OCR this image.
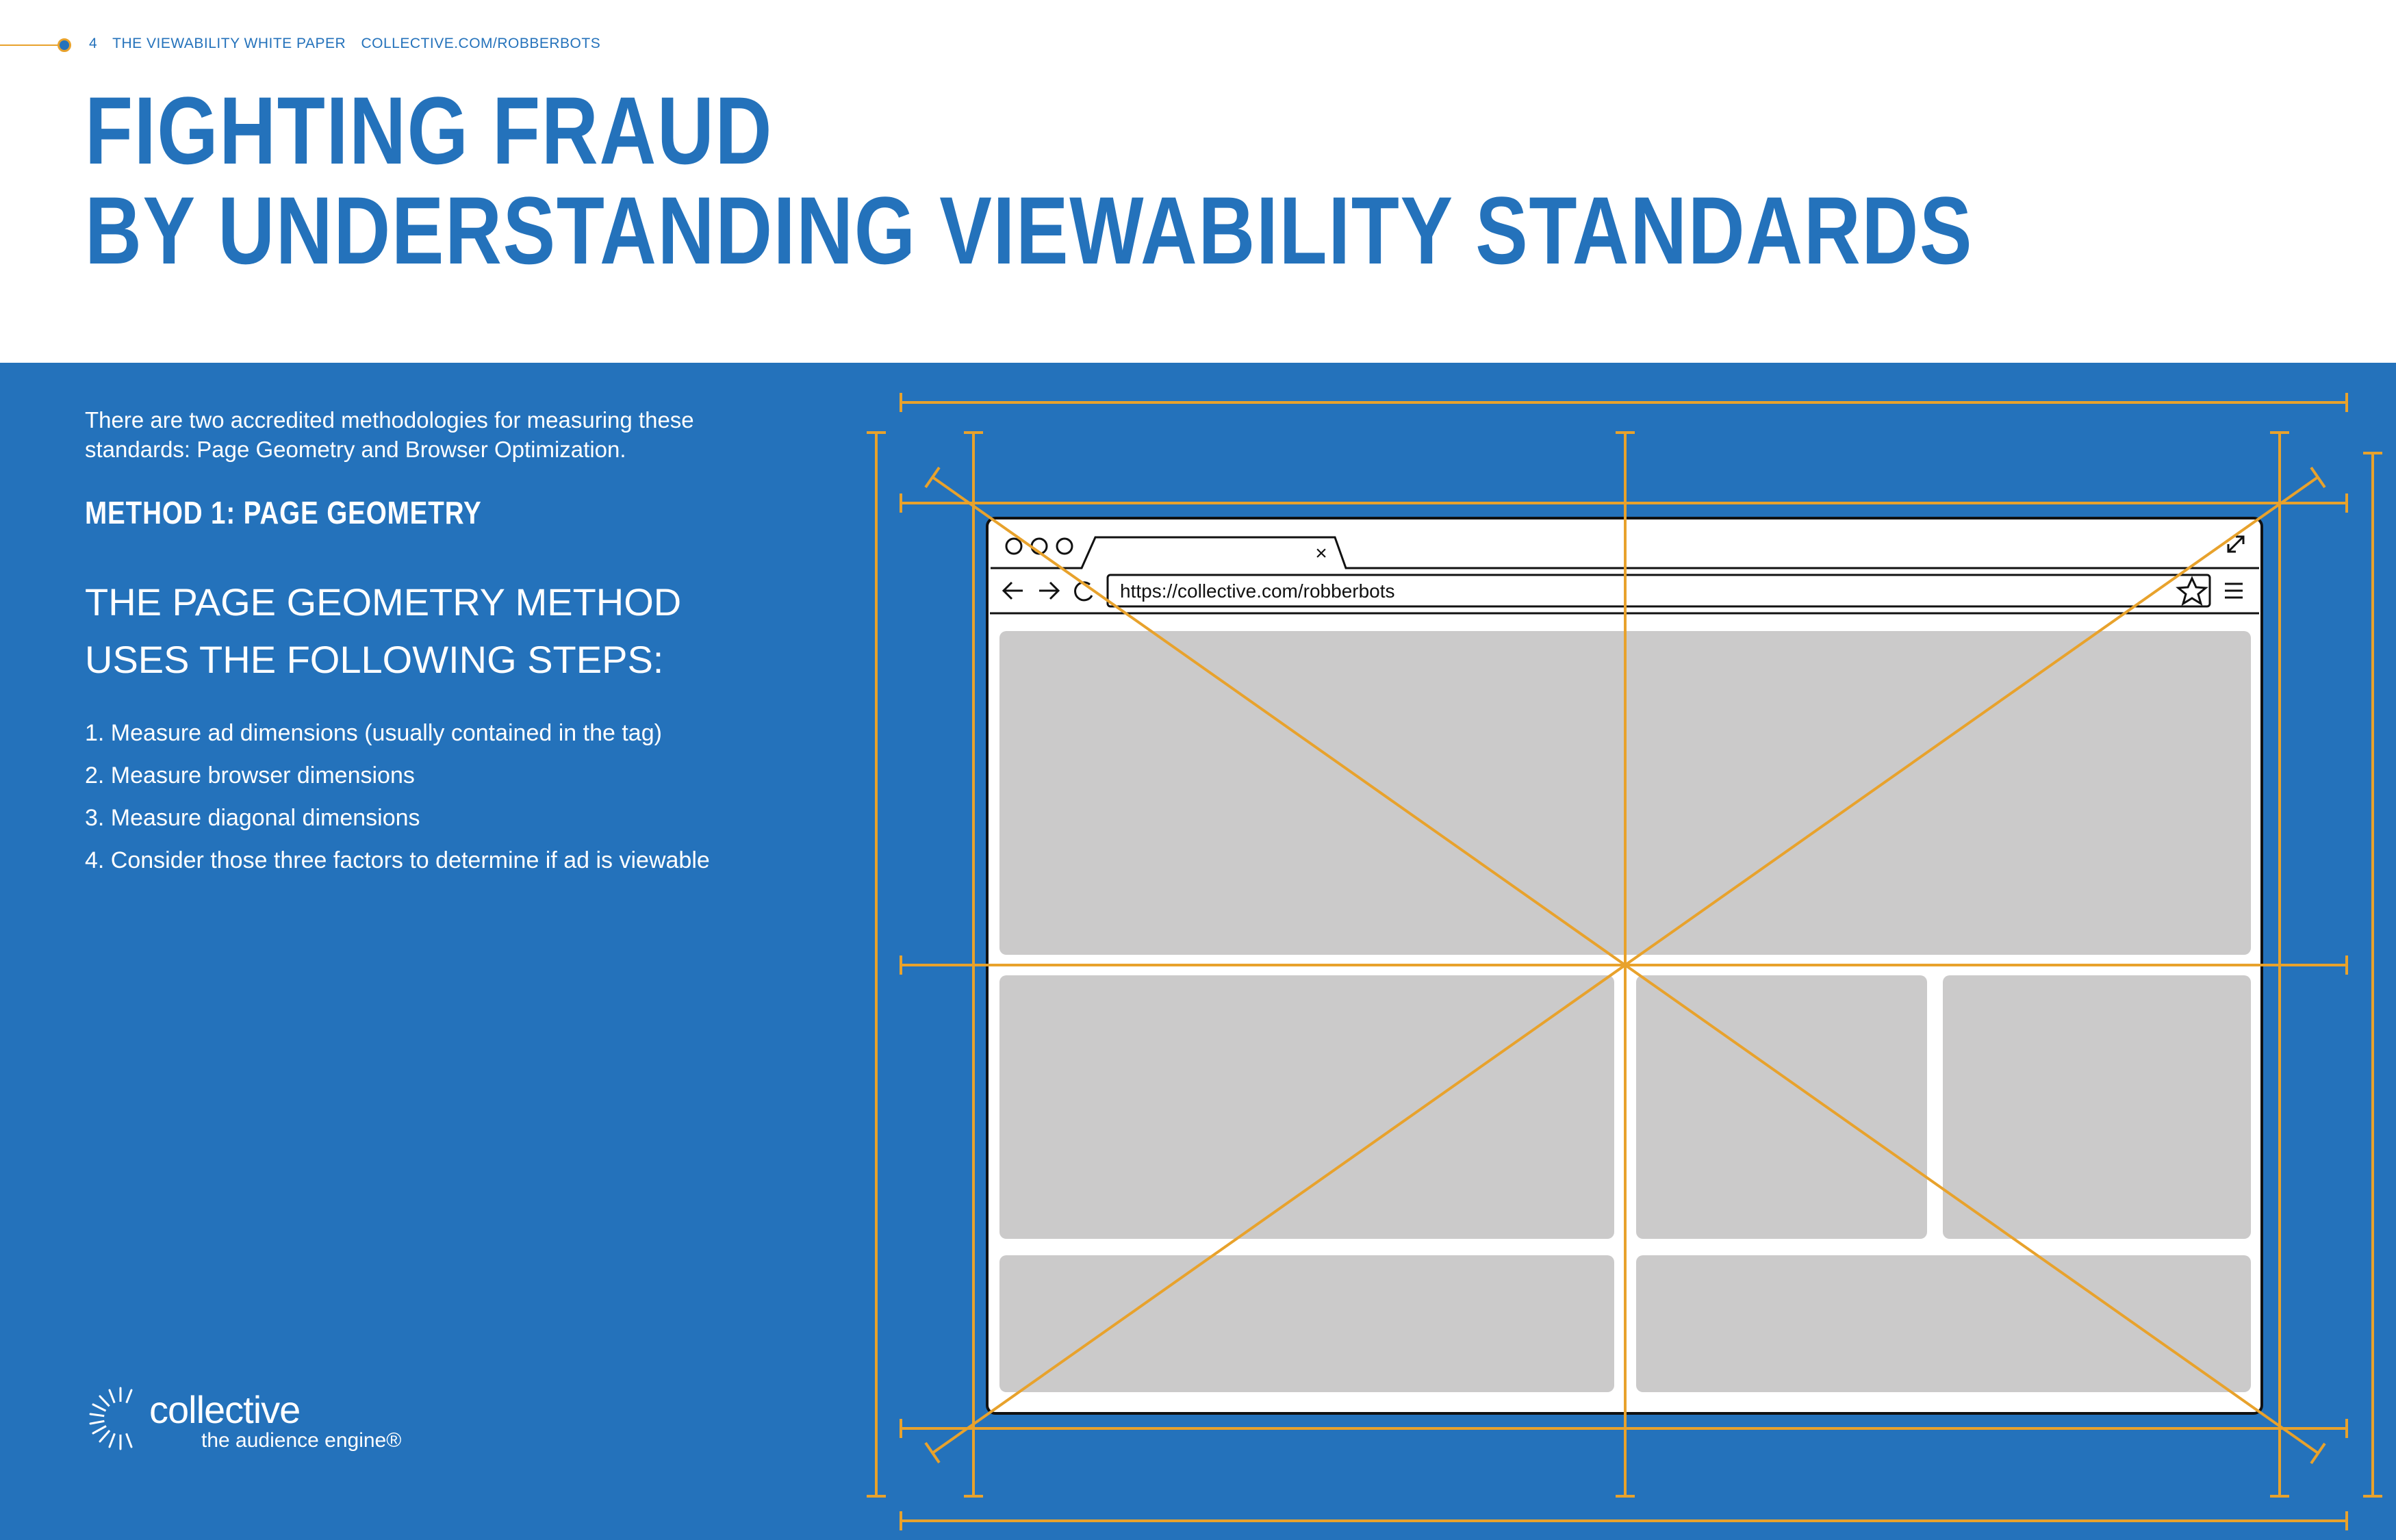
4 THE VIEWABILITY WHITE PAPER COLLECTIVE.COM/ROBBERBOTS
FIGHTING FRAUD
BY UNDERSTANDING VIEWABILITY STANDARDS

There are two accredited methodologies for measuring these standards: Page Geometry and Browser Optimization.

METHOD 1: PAGE GEOMETRY
THE PAGE GEOMETRY METHOD
USES THE FOLLOWING STEPS:
1. Measure ad dimensions (usually contained in the tag)
2. Measure browser dimensions
3. Measure diagonal dimensions
4. Consider those three factors to determine if ad is viewable
collective
the audience engine®
×
https://collective.com/robberbots
